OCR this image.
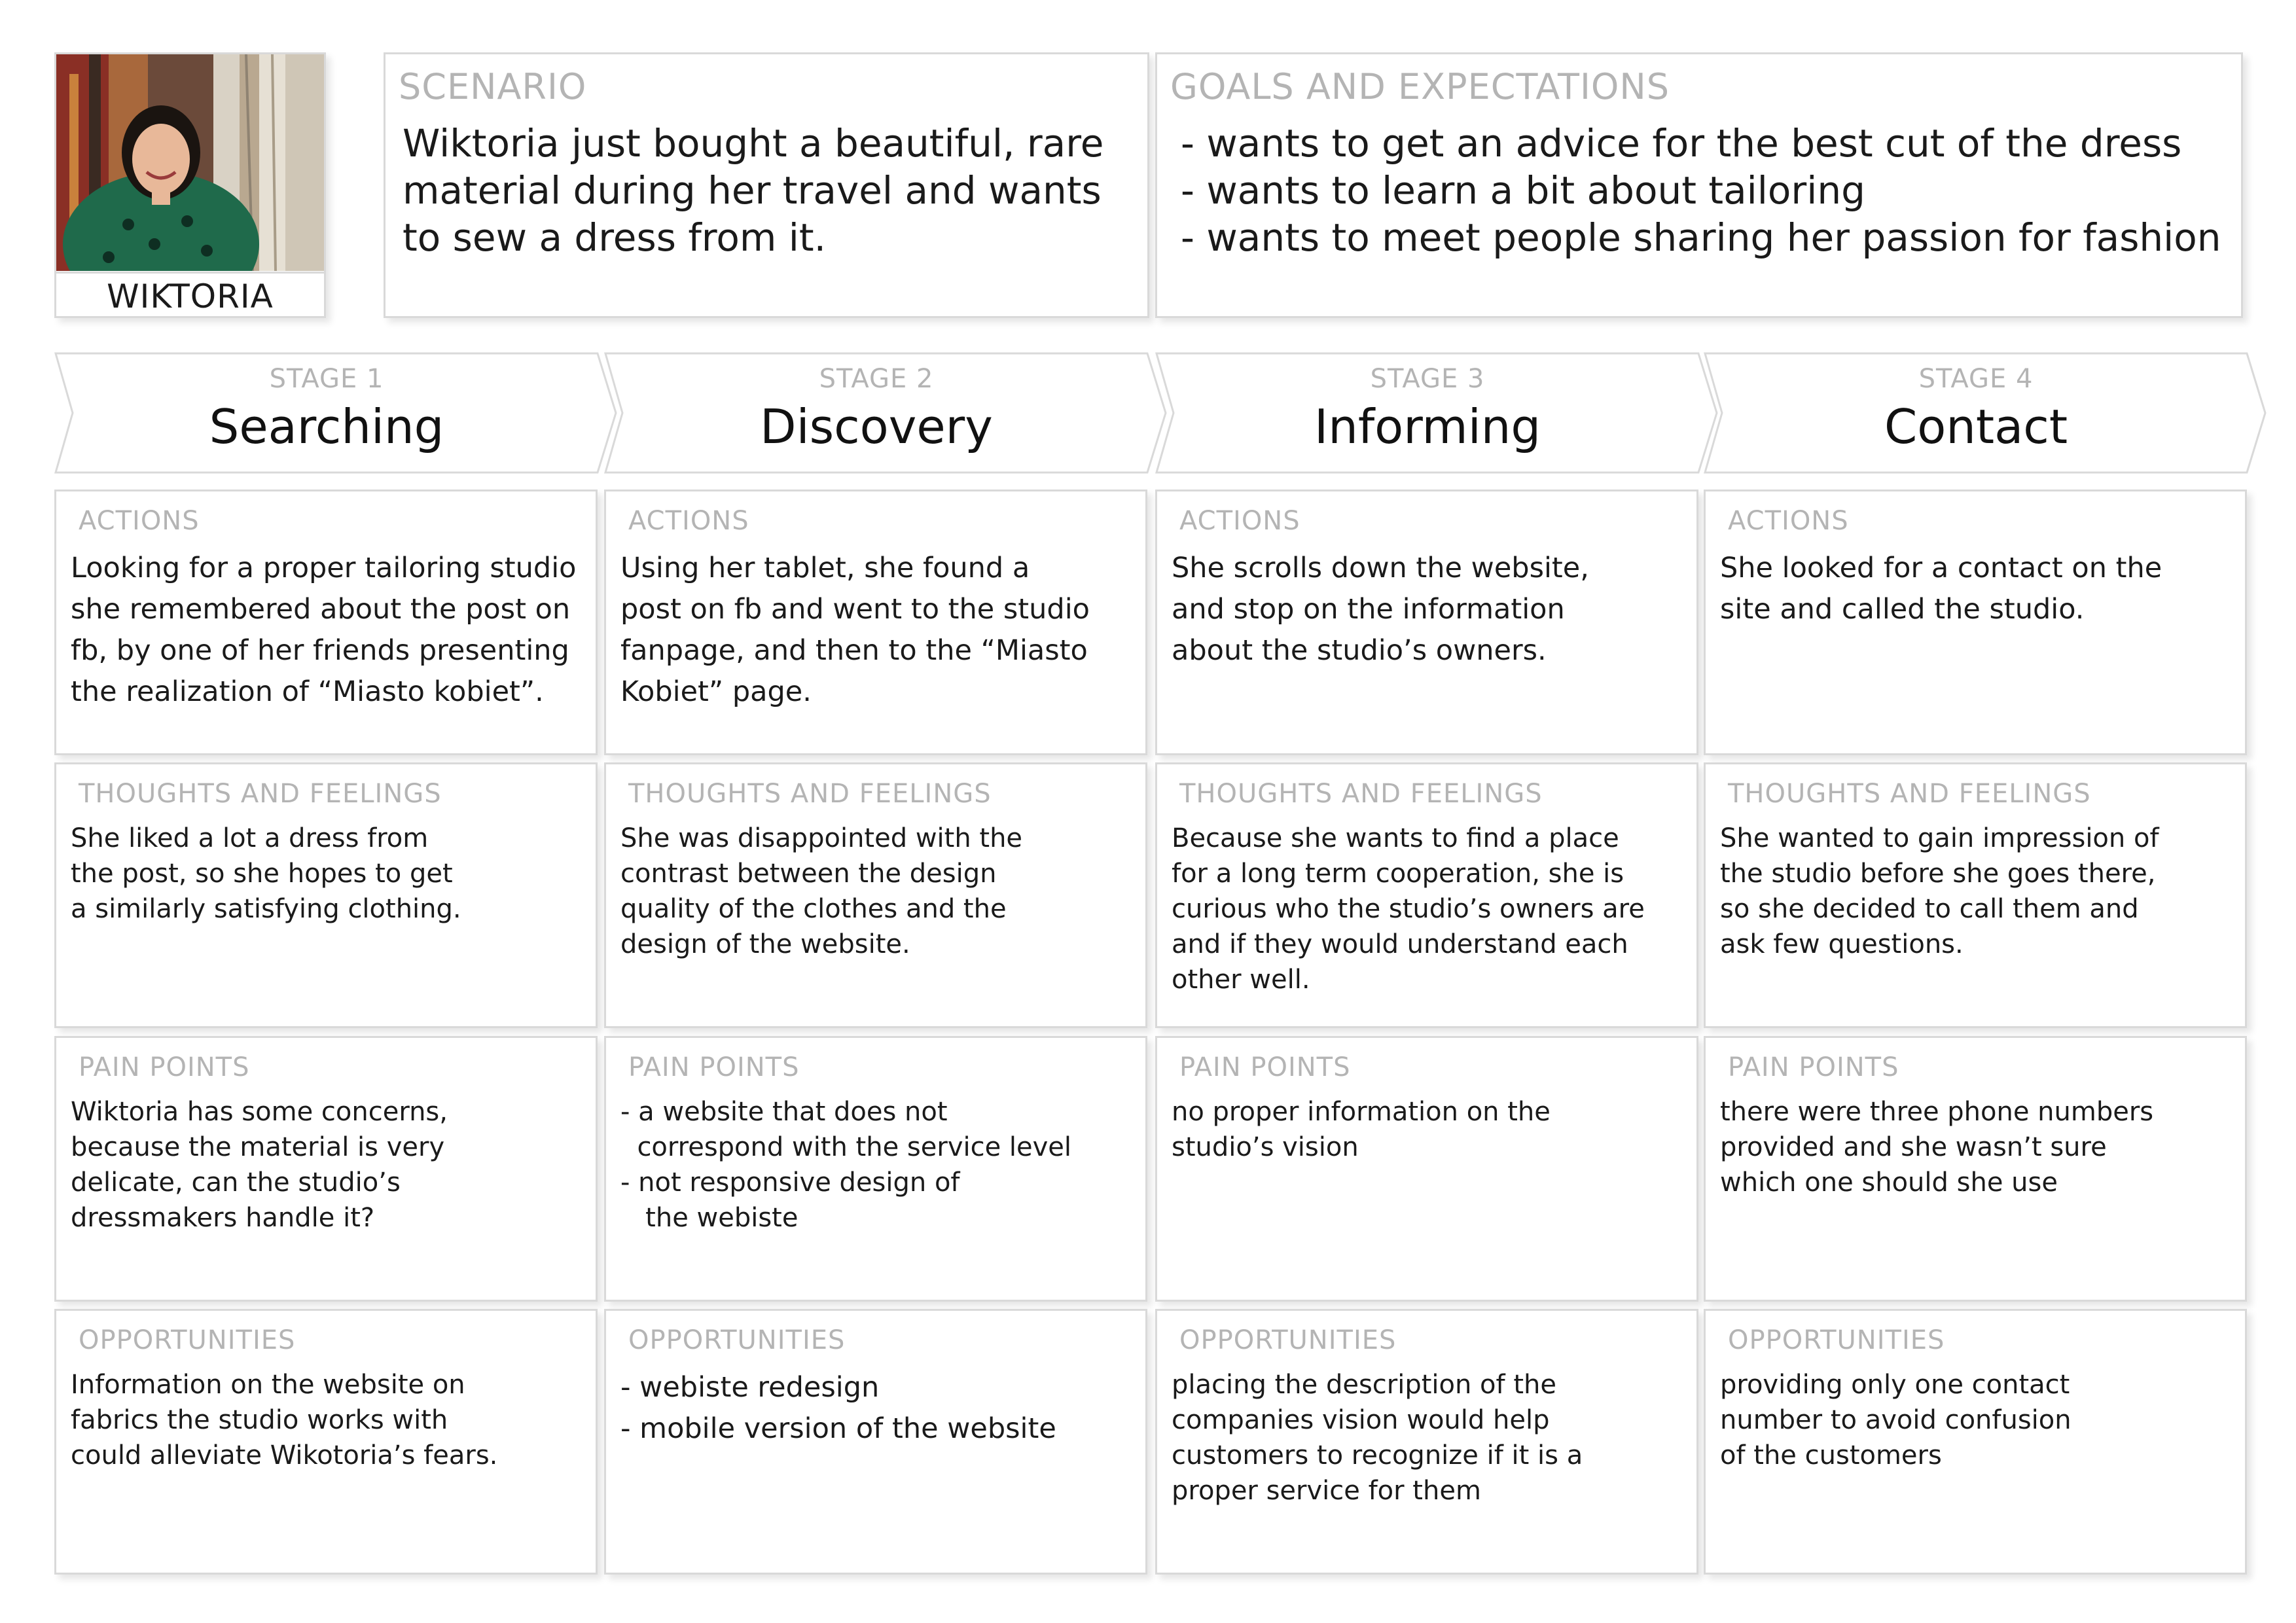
WIKTORIA
SCENARIO
Wiktoria just bought a beautiful, rare
material during her travel and wants
to sew a dress from it.
GOALS AND EXPECTATIONS
- wants to get an advice for the best cut of the dress
- wants to learn a bit about tailoring
- wants to meet people sharing her passion for fashion
STAGE 1
Searching
STAGE 2
Discovery
STAGE 3
Informing
STAGE 4
Contact
ACTIONS
Looking for a proper tailoring studio
she remembered about the post on
fb, by one of her friends presenting
the realization of “Miasto kobiet”.
ACTIONS
Using her tablet, she found a
post on fb and went to the studio
fanpage, and then to the “Miasto
Kobiet” page.
ACTIONS
She scrolls down the website,
and stop on the information
about the studio’s owners.
ACTIONS
She looked for a contact on the
site and called the studio.
THOUGHTS AND FEELINGS
She liked a lot a dress from
the post, so she hopes to get
a similarly satisfying clothing.
THOUGHTS AND FEELINGS
She was disappointed with the
contrast between the design
quality of the clothes and the
design of the website.
THOUGHTS AND FEELINGS
Because she wants to find a place
for a long term cooperation, she is
curious who the studio’s owners are
and if they would understand each
other well.
THOUGHTS AND FEELINGS
She wanted to gain impression of
the studio before she goes there,
so she decided to call them and
ask few questions.
PAIN POINTS
Wiktoria has some concerns,
because the material is very
delicate, can the studio’s
dressmakers handle it?
PAIN POINTS
- a website that does not
correspond with the service level
- not responsive design of
the webiste
PAIN POINTS
no proper information on the
studio’s vision
PAIN POINTS
there were three phone numbers
provided and she wasn’t sure
which one should she use
OPPORTUNITIES
Information on the website on
fabrics the studio works with
could alleviate Wikotoria’s fears.
OPPORTUNITIES
- webiste redesign
- mobile version of the website
OPPORTUNITIES
placing the description of the
companies vision would help
customers to recognize if it is a
proper service for them
OPPORTUNITIES
providing only one contact
number to avoid confusion
of the customers
